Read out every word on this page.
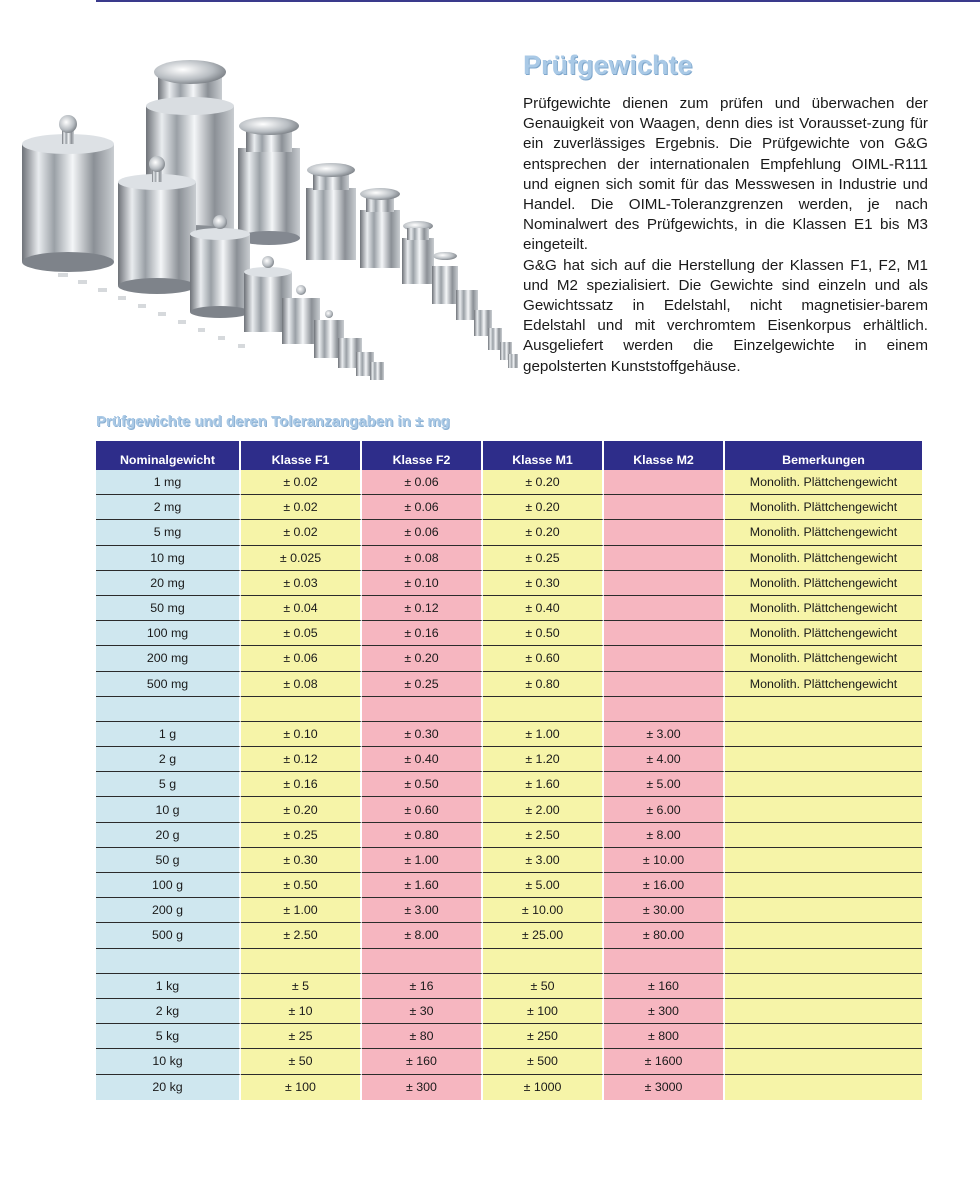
Prüfgewichte

Prüfgewichte dienen zum prüfen und überwachen der Genauigkeit von Waagen, denn dies ist Vorausset-zung für ein zuverlässiges Ergebnis. Die Prüfgewichte von G&G entsprechen der internationalen Empfehlung OIML-R111 und eignen sich somit für das Messwesen in Industrie und Handel. Die OIML-Toleranzgrenzen werden, je nach Nominalwert des Prüfgewichts, in die Klassen E1 bis M3 eingeteilt.

G&G hat sich auf die Herstellung der Klassen F1, F2, M1 und M2 spezialisiert. Die Gewichte sind einzeln und als Gewichtssatz in Edelstahl, nicht magnetisier-barem Edelstahl und mit verchromtem Eisenkorpus erhältlich. Ausgeliefert werden die Einzelgewichte in einem gepolsterten Kunststoffgehäuse.

Prüfgewichte und deren Toleranzangaben in ± mg
Nominalgewicht	Klasse F1	Klasse F2	Klasse M1	Klasse M2	Bemerkungen
1 mg	± 0.02	± 0.06	± 0.20		Monolith. Plättchengewicht
2 mg	± 0.02	± 0.06	± 0.20		Monolith. Plättchengewicht
5 mg	± 0.02	± 0.06	± 0.20		Monolith. Plättchengewicht
10 mg	± 0.025	± 0.08	± 0.25		Monolith. Plättchengewicht
20 mg	± 0.03	± 0.10	± 0.30		Monolith. Plättchengewicht
50 mg	± 0.04	± 0.12	± 0.40		Monolith. Plättchengewicht
100 mg	± 0.05	± 0.16	± 0.50		Monolith. Plättchengewicht
200 mg	± 0.06	± 0.20	± 0.60		Monolith. Plättchengewicht
500 mg	± 0.08	± 0.25	± 0.80		Monolith. Plättchengewicht

1 g	± 0.10	± 0.30	± 1.00	± 3.00	
2 g	± 0.12	± 0.40	± 1.20	± 4.00	
5 g	± 0.16	± 0.50	± 1.60	± 5.00	
10 g	± 0.20	± 0.60	± 2.00	± 6.00	
20 g	± 0.25	± 0.80	± 2.50	± 8.00	
50 g	± 0.30	± 1.00	± 3.00	± 10.00	
100 g	± 0.50	± 1.60	± 5.00	± 16.00	
200 g	± 1.00	± 3.00	± 10.00	± 30.00	
500 g	± 2.50	± 8.00	± 25.00	± 80.00	

1 kg	± 5	± 16	± 50	± 160	
2 kg	± 10	± 30	± 100	± 300	
5 kg	± 25	± 80	± 250	± 800	
10 kg	± 50	± 160	± 500	± 1600	
20 kg	± 100	± 300	± 1000	± 3000	
